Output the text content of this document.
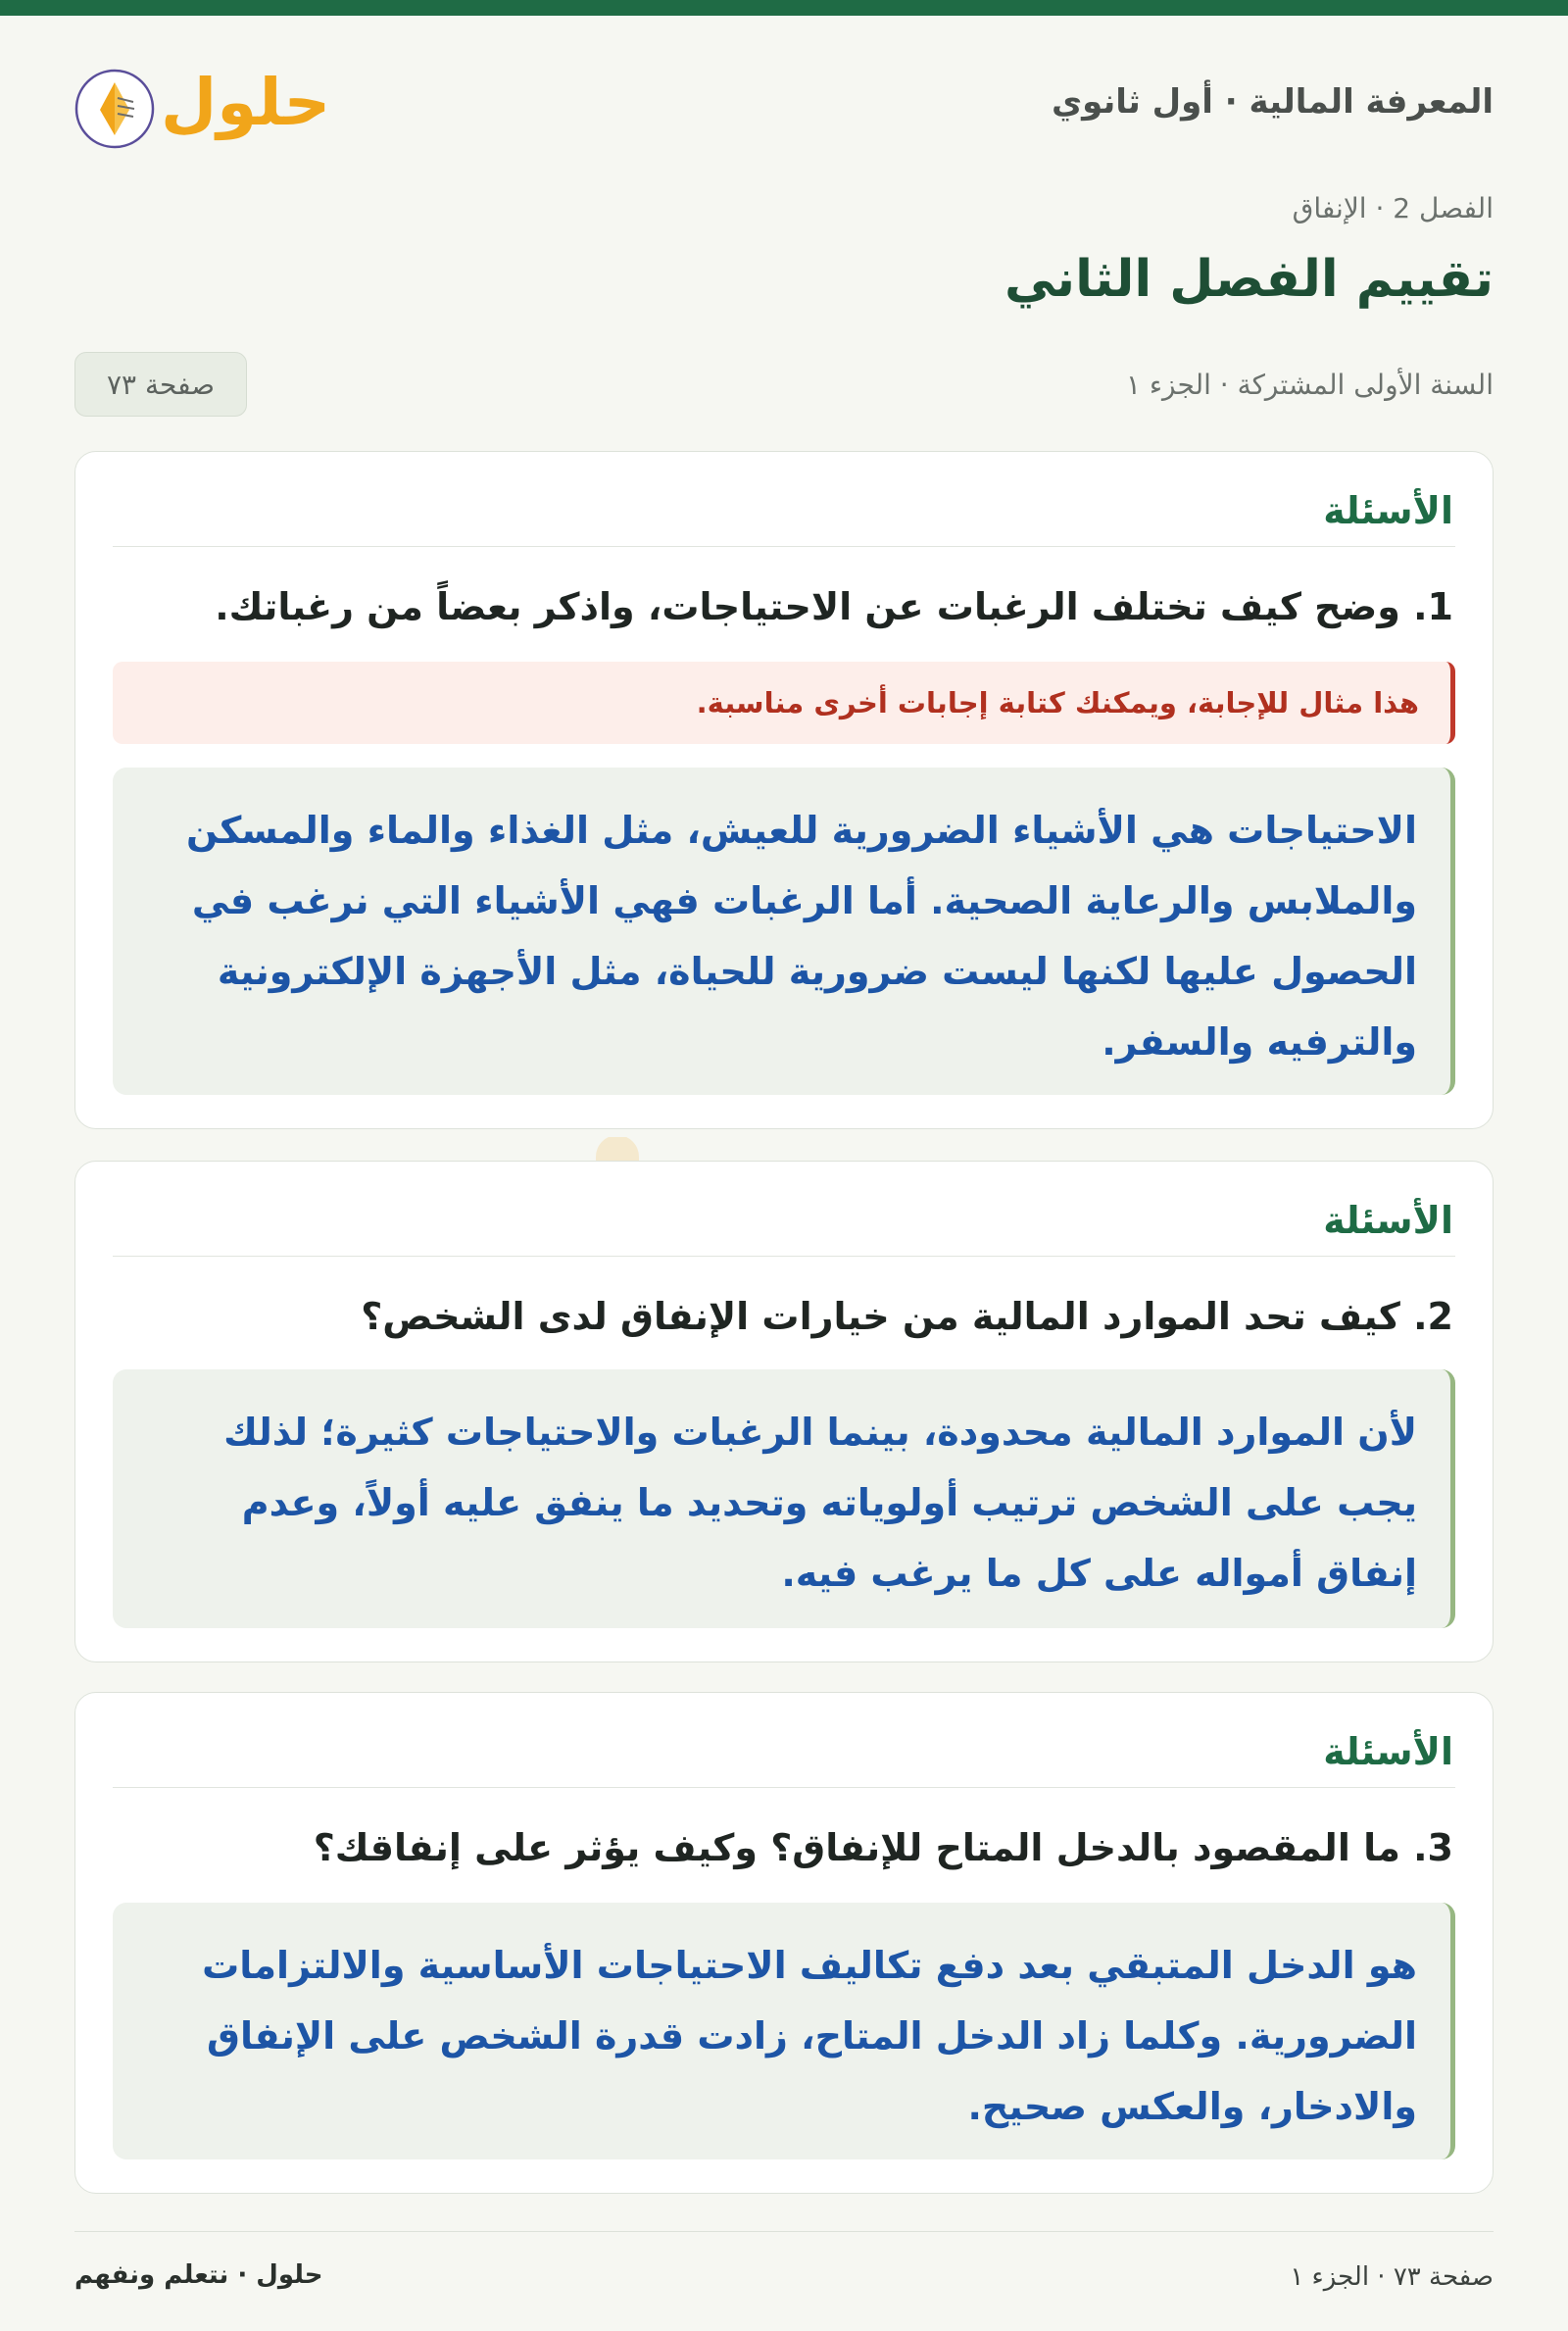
المعرفة المالية · أول ثانوي
حلول
الفصل 2 · الإنفاق
تقييم الفصل الثاني
السنة الأولى المشتركة · الجزء ١
صفحة ٧٣
الأسئلة
1. وضح كيف تختلف الرغبات عن الاحتياجات، واذكر بعضاً من رغباتك.
هذا مثال للإجابة، ويمكنك كتابة إجابات أخرى مناسبة.
الاحتياجات هي الأشياء الضرورية للعيش، مثل الغذاء والماء والمسكن والملابس والرعاية الصحية. أما الرغبات فهي الأشياء التي نرغب في الحصول عليها لكنها ليست ضرورية للحياة، مثل الأجهزة الإلكترونية والترفيه والسفر.
الأسئلة
2. كيف تحد الموارد المالية من خيارات الإنفاق لدى الشخص؟
لأن الموارد المالية محدودة، بينما الرغبات والاحتياجات كثيرة؛ لذلك يجب على الشخص ترتيب أولوياته وتحديد ما ينفق عليه أولاً، وعدم إنفاق أمواله على كل ما يرغب فيه.
الأسئلة
3. ما المقصود بالدخل المتاح للإنفاق؟ وكيف يؤثر على إنفاقك؟
هو الدخل المتبقي بعد دفع تكاليف الاحتياجات الأساسية والالتزامات الضرورية. وكلما زاد الدخل المتاح، زادت قدرة الشخص على الإنفاق والادخار، والعكس صحيح.
صفحة ٧٣ · الجزء ١
حلول · نتعلم ونفهم
